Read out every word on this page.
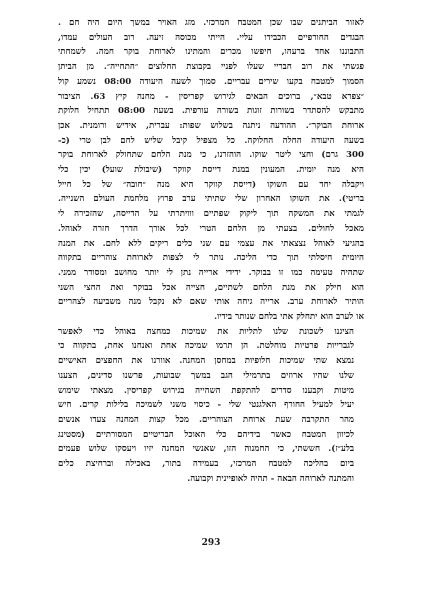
לאזור הביתנים שבו שכן המטבח המרכזי. מזג האויר במשך היום היה חם .
הבגדים החורפיים הכבידו עליי. הייתי מכוסה זיעה. רוב העולים עמדו,
התבוננו אחד ברעהו, חיפשו מכרים והמתינו לארוחת בוקר חמה. לשמחתי
פגשתי את רוב חבריי שעלו לפניי בקבוצת החלוצים ״התחייה״. מן הביתן
הסמוך למטבח בקעו שירים עבריים. סמוך לשעה היעודה 08:00 נשמע קול
״צפרא טבא״, ברוכים הבאים לגירוש קפריסין - מחנה קיץ 63. הציבור
מתבקש להסתדר בשורות זוגות בשורה עורפית. בשעה 08:00 תתחיל חלוקת
ארוחת הבוקר״. ההודעה ניתנה בשלוש שפות: עברית, אידיש ורומנית. אכן
בשעה היעודה החלה החלוקה. כל מצפיל קיבל שליש לחם לבן טרי (כ-
300 גרם) וחצי ליטר שוקו. הוהזרנו, כי מנת הלחם שתחולק לארוחת בוקר
היא מנה יומית. המעונין במנת דייסת קווקר (שיבולת שועל) יכין כלי
ויקבלה יחד עם השוקו (דייסת קווקר היא מנה ״חובה״ של כל חייל
בריטי). את השוקו האחרון שלי שתיתי ערב פרוץ מלחמת העולם השנייה.
לגמתי את המשקה תוך ליקוק שפתיים ווויתרתי על הדייסה, שהזכירה לי
מאכל לחולים. בצעתי מן הלחם הטרי לכל אורך הדרך חזרה לאוהל.
בהגיעי לאוהל נצצאתי את עצמי עם שני כלים ריקים ללא לחם. את המנה
היומית חיסלתי תוך כדי הליכה. נותר לי לצפות לארוחת צוהריים בתקווה
שתהיה טעימה כמו זו בבוקר. ידידי ארייה נתן לי יותר מחושב ומסודר ממני.
הוא חילק את מנת הלחם לשתיים, חצייה אכל בבוקר ואת החצי השני
הותיר לארוחת ערב. ארייה גיחה אותי שאם לא נקבל מנה משביעה לצהריים
או לערב הוא יתחלק אתי בלחם שנותר בידיו.
הציגנו לשכונת שלנו לתליות את שמיכות כמחצה באוהל כדי לאפשר
לגברייות פרטיות מוחלטת. הן תרמו שמיכה אחת ואנחנו אחת, בתקווה כי
נמצא שתי שמיכות חלופיות במחסן המחנה. אוורנו את החפצים האישיים
שלנו שהיו ארוזים בתרמילי הגב במשך שבועות, פרשנו סדינים, הצענו
מיטות וקבענו סדרים להתקפת השהייה בגירוש קפריסין. מצאתי שימוש
יעיל למעיל החורף האלגנטי שלי - כיסוי משני לשמיכה בלילות קרים. חיש
מהר התקרבה שעת ארוחת הצוהריים. מכל קצות המחנה צעדו אנשים
לכיוון המטבח כאשר בידיהם כלי האוכל הבריטיים המסורתיים (מסטינג
בלע״ז). חששתי, כי החמנוה הזו, שאנשי המחנה יזיו ויעסקו שלוש פעמים
ביום בהליכה למטבח המרכזי, בעמידה בתור, באכילה וברחיצת כלים
והמתנה לארוחה הבאה - תהיה לאופיינית וקבועה.
293
